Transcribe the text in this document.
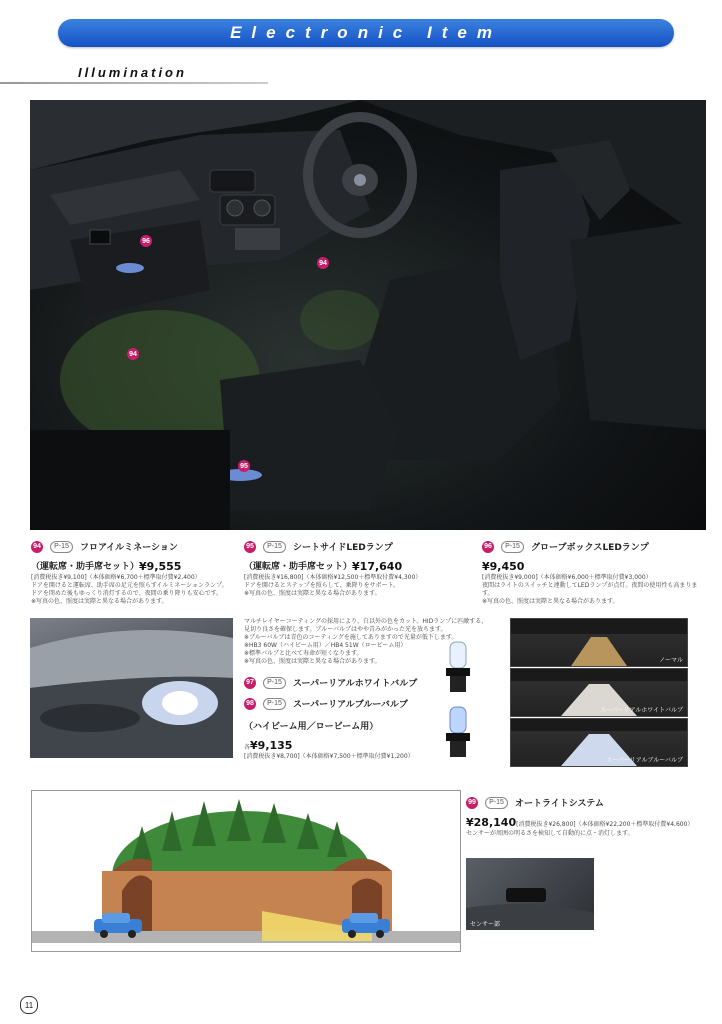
Electronic Item
Illumination
96
94
94
95
94 P-15 フロアイルミネーション
（運転席・助手席セット）¥9,555
[消費税抜き¥9,100]（本体価格¥6,700＋標準取付費¥2,400）
ドアを開けると運転席、助手席の足元を照らすイルミネーションランプ。
ドアを閉めた後もゆっくり消灯するので、夜間の乗り降りも安心です。
※写真の色、照度は実際と異なる場合があります。
95 P-15 シートサイドLEDランプ
（運転席・助手席セット）¥17,640
[消費税抜き¥16,800]（本体価格¥12,500＋標準取付費¥4,300）
ドアを開けるとステップを照らして、乗降りをサポート。
※写真の色、照度は実際と異なる場合があります。
96 P-15 グローブボックスLEDランプ
¥9,450
[消費税抜き¥9,000]（本体価格¥6,000＋標準取付費¥3,000）
夜間はライトのスイッチと連動してLEDランプが点灯。夜間の使用性も高まります。
※写真の色、照度は実際と異なる場合があります。
マルチレイヤーコーティングの採用により、白以外の色をカット。HIDランプに匹敵する、
見切り良さを確保します。ブルーバルブはやや青みがかった光を放ちます。
※ブルーバルブは青色のコーティングを施してありますので光量が低下します。
※HB3 60W（ハイビーム用）／HB4 51W（ロービーム用）
※標準バルブと比べて寿命が短くなります。
※写真の色、照度は実際と異なる場合があります。
97 P-15 スーパーリアルホワイトバルブ
98 P-15 スーパーリアルブルーバルブ
（ハイビーム用／ロービーム用）
各¥9,135
[消費税抜き¥8,700]（本体価格¥7,500＋標準取付費¥1,200）
ノーマル
スーパーリアルホワイトバルブ
スーパーリアルブルーバルブ
99 P-15 オートライトシステム
¥28,140[消費税抜き¥26,800]（本体価格¥22,200＋標準取付費¥4,600）
センサーが周囲の明るさを検知して自動的に点・消灯します。
センサー部
11
